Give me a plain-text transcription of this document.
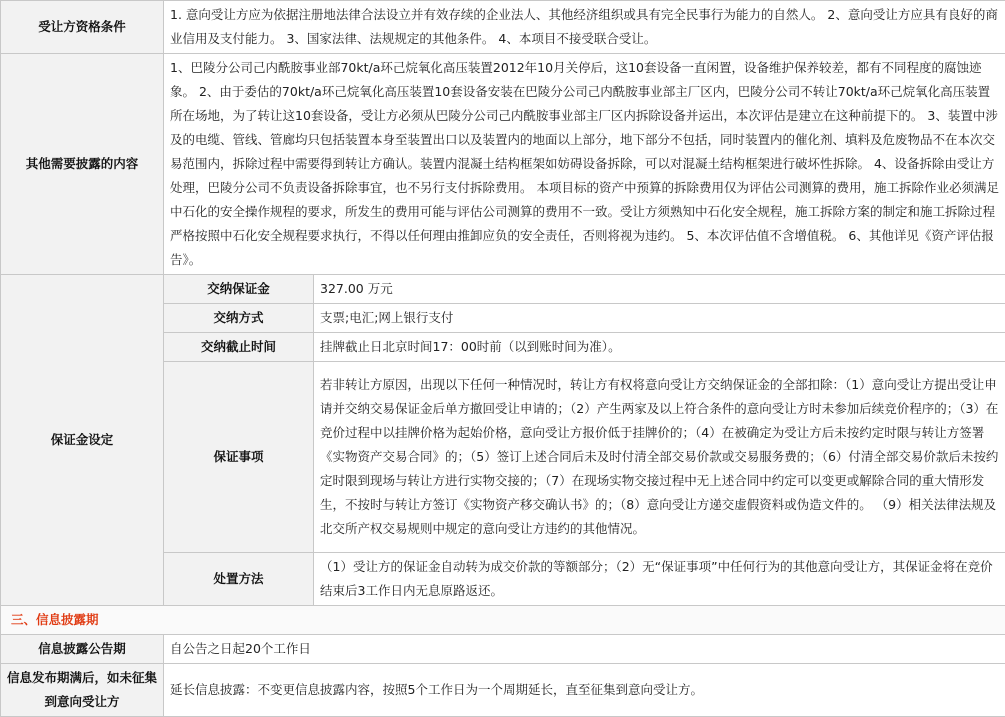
受让方资格条件	1. 意向受让方应为依据注册地法律合法设立并有效存续的企业法人、其他经济组织或具有完全民事行为能力的自然人。 2、意向受让方应具有良好的商业信用及支付能力。 3、国家法律、法规规定的其他条件。 4、本项目不接受联合受让。	
其他需要披露的内容	1、巴陵分公司己内酰胺事业部70kt/a环己烷氧化高压装置2012年10月关停后，这10套设备一直闲置，设备维护保养较差，都有不同程度的腐蚀迹象。 2、由于委估的70kt/a环己烷氧化高压装置10套设备安装在巴陵分公司己内酰胺事业部主厂区内，巴陵分公司不转让70kt/a环己烷氧化高压装置所在场地，为了转让这10套设备，受让方必须从巴陵分公司己内酰胺事业部主厂区内拆除设备并运出，本次评估是建立在这种前提下的。 3、装置中涉及的电缆、管线、管廊均只包括装置本身至装置出口以及装置内的地面以上部分，地下部分不包括，同时装置内的催化剂、填料及危废物品不在本次交易范围内，拆除过程中需要得到转让方确认。装置内混凝土结构框架如妨碍设备拆除，可以对混凝土结构框架进行破坏性拆除。 4、设备拆除由受让方处理，巴陵分公司不负责设备拆除事宜，也不另行支付拆除费用。 本项目标的资产中预算的拆除费用仅为评估公司测算的费用，施工拆除作业必须满足中石化的安全操作规程的要求，所发生的费用可能与评估公司测算的费用不一致。受让方须熟知中石化安全规程，施工拆除方案的制定和施工拆除过程严格按照中石化安全规程要求执行，不得以任何理由推卸应负的安全责任，否则将视为违约。 5、本次评估值不含增值税。 6、其他详见《资产评估报告》。	
保证金设定	交纳保证金	327.00 万元
	交纳方式	支票;电汇;网上银行支付
	交纳截止时间	挂牌截止日北京时间17：00时前（以到账时间为准）。
	保证事项	若非转让方原因，出现以下任何一种情况时，转让方有权将意向受让方交纳保证金的全部扣除：（1）意向受让方提出受让申请并交纳交易保证金后单方撤回受让申请的；（2）产生两家及以上符合条件的意向受让方时未参加后续竞价程序的；（3）在竞价过程中以挂牌价格为起始价格，意向受让方报价低于挂牌价的；（4）在被确定为受让方后未按约定时限与转让方签署《实物资产交易合同》的；（5）签订上述合同后未及时付清全部交易价款或交易服务费的；（6）付清全部交易价款后未按约定时限到现场与转让方进行实物交接的；（7）在现场实物交接过程中无上述合同中约定可以变更或解除合同的重大情形发生，不按时与转让方签订《实物资产移交确认书》的；（8）意向受让方递交虚假资料或伪造文件的。 （9）相关法律法规及北交所产权交易规则中规定的意向受让方违约的其他情况。
	处置方法	（1）受让方的保证金自动转为成交价款的等额部分；（2）无“保证事项”中任何行为的其他意向受让方，其保证金将在竞价结束后3工作日内无息原路返还。
三、信息披露期		
信息披露公告期	自公告之日起20个工作日	
信息发布期满后，如未征集到意向受让方	延长信息披露：不变更信息披露内容，按照5个工作日为一个周期延长，直至征集到意向受让方。	
